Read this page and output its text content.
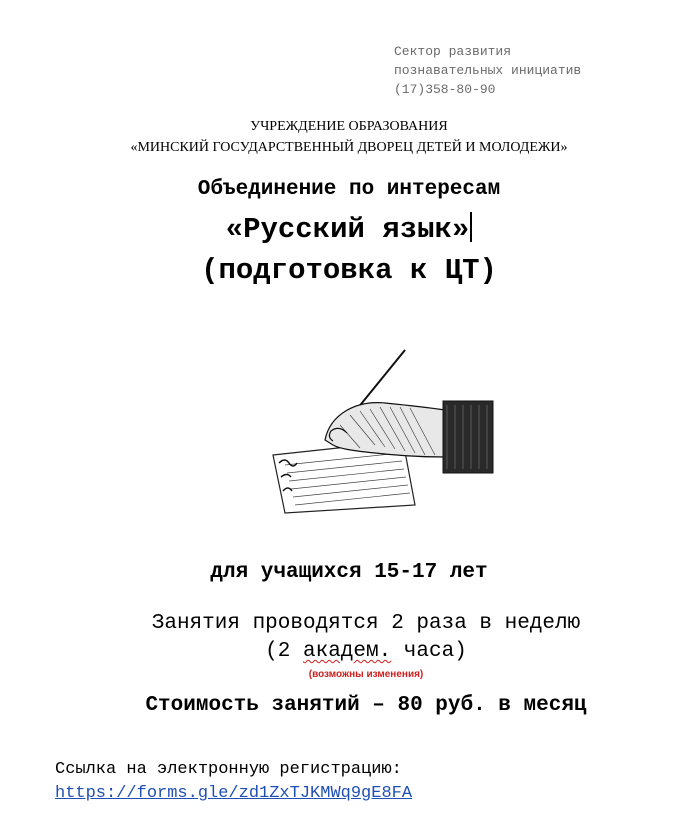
Сектор развития
познавательных инициатив
(17)358-80-90
УЧРЕЖДЕНИЕ ОБРАЗОВАНИЯ
«МИНСКИЙ ГОСУДАРСТВЕННЫЙ ДВОРЕЦ ДЕТЕЙ И МОЛОДЕЖИ»
Объединение по интересам
«Русский язык»
(подготовка к ЦТ)
для учащихся 15-17 лет
Занятия проводятся 2 раза в неделю
(2 академ. часа)
(возможны изменения)
Стоимость занятий – 80 руб. в месяц
Ссылка на электронную регистрацию:
https://forms.gle/zd1ZxTJKMWq9gE8FA
